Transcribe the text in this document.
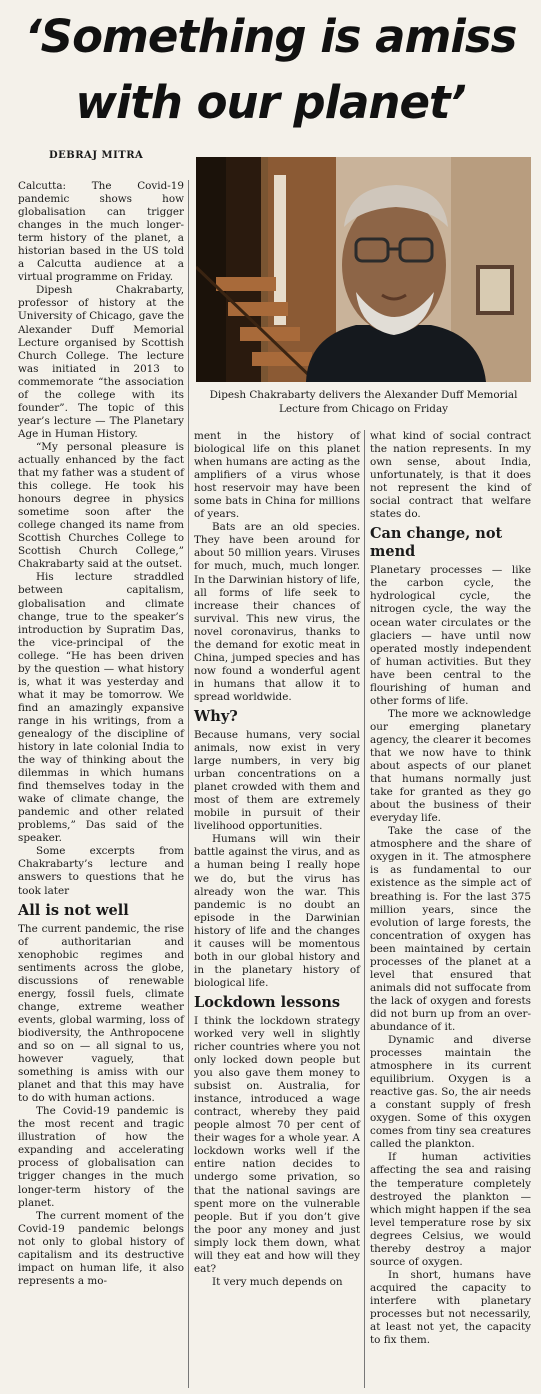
‘Something is amiss
with our planet’
DEBRAJ MITRA
Dipesh Chakrabarty delivers the Alexander Duff Memorial Lecture from Chicago on Friday

Calcutta: The Covid-19 pandemic shows how globalisation can trigger changes in the much longer-term history of the planet, a historian based in the US told a Calcutta audience at a virtual programme on Friday.

Dipesh Chakrabarty, professor of history at the University of Chicago, gave the Alexander Duff Memorial Lecture organised by Scottish Church College. The lecture was initiated in 2013 to commemorate “the association of the college with its founder”. The topic of this year’s lecture — The Planetary Age in Human History.

“My personal pleasure is actually enhanced by the fact that my father was a student of this college. He took his honours degree in physics sometime soon after the college changed its name from Scottish Churches College to Scottish Church College,” Chakrabarty said at the outset.

His lecture straddled between capitalism, globalisation and climate change, true to the speaker’s introduction by Supratim Das, the vice-principal of the college. “He has been driven by the question — what history is, what it was yesterday and what it may be tomorrow. We find an amazingly expansive range in his writings, from a genealogy of the discipline of history in late colonial India to the way of thinking about the dilemmas in which humans find themselves today in the wake of climate change, the pandemic and other related problems,” Das said of the speaker.

Some excerpts from Chakrabarty’s lecture and answers to questions that he took later

All is not well

The current pandemic, the rise of authoritarian and xenophobic regimes and sentiments across the globe, discussions of renewable energy, fossil fuels, climate change, extreme weather events, global warming, loss of biodiversity, the Anthropocene and so on — all signal to us, however vaguely, that something is amiss with our planet and that this may have to do with human actions.

The Covid-19 pandemic is the most recent and tragic illustration of how the expanding and accelerating process of globalisation can trigger changes in the much longer-term history of the planet.

The current moment of the Covid-19 pandemic belongs not only to global history of capitalism and its destructive impact on human life, it also represents a mo-

ment in the history of biological life on this planet when humans are acting as the amplifiers of a virus whose host reservoir may have been some bats in China for millions of years.

Bats are an old species. They have been around for about 50 million years. Viruses for much, much, much longer. In the Darwinian history of life, all forms of life seek to increase their chances of survival. This new virus, the novel coronavirus, thanks to the demand for exotic meat in China, jumped species and has now found a wonderful agent in humans that allow it to spread worldwide.

Why?

Because humans, very social animals, now exist in very large numbers, in very big urban concentrations on a planet crowded with them and most of them are extremely mobile in pursuit of their livelihood opportunities.

Humans will win their battle against the virus, and as a human being I really hope we do, but the virus has already won the war. This pandemic is no doubt an episode in the Darwinian history of life and the changes it causes will be momentous both in our global history and in the planetary history of biological life.

Lockdown lessons

I think the lockdown strategy worked very well in slightly richer countries where you not only locked down people but you also gave them money to subsist on. Australia, for instance, introduced a wage contract, whereby they paid people almost 70 per cent of their wages for a whole year. A lockdown works well if the entire nation decides to undergo some privation, so that the national savings are spent more on the vulnerable people. But if you don’t give the poor any money and just simply lock them down, what will they eat and how will they eat?

It very much depends on

what kind of social contract the nation represents. In my own sense, about India, unfortunately, is that it does not represent the kind of social contract that welfare states do.

Can change, not mend

Planetary processes — like the carbon cycle, the hydrological cycle, the nitrogen cycle, the way the ocean water circulates or the glaciers — have until now operated mostly independent of human activities. But they have been central to the flourishing of human and other forms of life.

The more we acknowledge our emerging planetary agency, the clearer it becomes that we now have to think about aspects of our planet that humans normally just take for granted as they go about the business of their everyday life.

Take the case of the atmosphere and the share of oxygen in it. The atmosphere is as fundamental to our existence as the simple act of breathing is. For the last 375 million years, since the evolution of large forests, the concentration of oxygen has been maintained by certain processes of the planet at a level that ensured that animals did not suffocate from the lack of oxygen and forests did not burn up from an over-abundance of it.

Dynamic and diverse processes maintain the atmosphere in its current equilibrium. Oxygen is a reactive gas. So, the air needs a constant supply of fresh oxygen. Some of this oxygen comes from tiny sea creatures called the plankton.

If human activities affecting the sea and raising the temperature completely destroyed the plankton — which might happen if the sea level temperature rose by six degrees Celsius, we would thereby destroy a major source of oxygen.

In short, humans have acquired the capacity to interfere with planetary processes but not necessarily, at least not yet, the capacity to fix them.
